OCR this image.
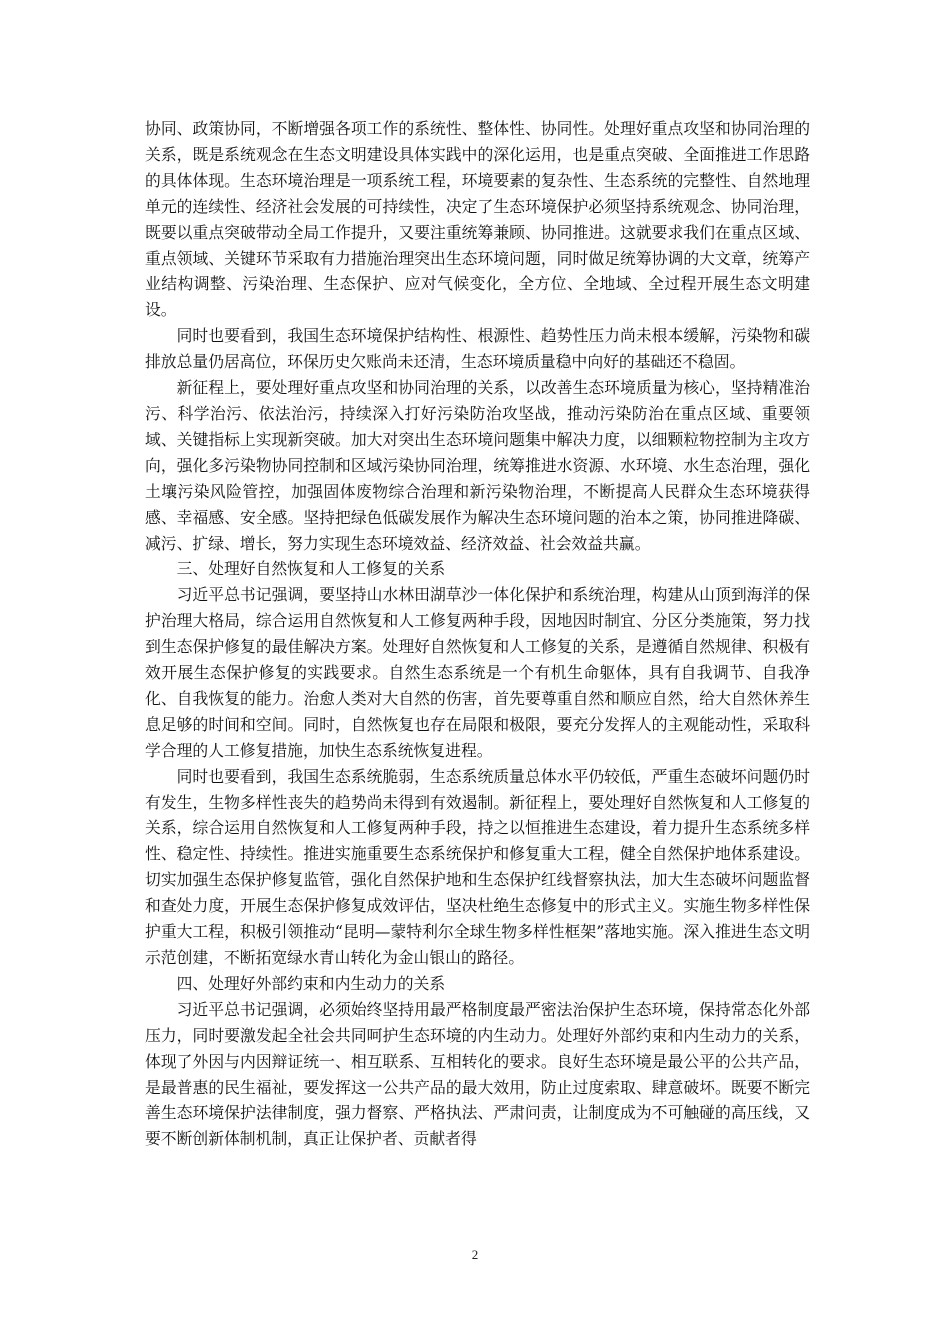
协同、政策协同，不断增强各项工作的系统性、整体性、协同性。处理好重点攻坚和协同治理的关系，既是系统观念在生态文明建设具体实践中的深化运用，也是重点突破、全面推进工作思路的具体体现。生态环境治理是一项系统工程，环境要素的复杂性、生态系统的完整性、自然地理单元的连续性、经济社会发展的可持续性，决定了生态环境保护必须坚持系统观念、协同治理，既要以重点突破带动全局工作提升，又要注重统筹兼顾、协同推进。这就要求我们在重点区域、重点领域、关键环节采取有力措施治理突出生态环境问题，同时做足统筹协调的大文章，统筹产业结构调整、污染治理、生态保护、应对气候变化，全方位、全地域、全过程开展生态文明建设。

同时也要看到，我国生态环境保护结构性、根源性、趋势性压力尚未根本缓解，污染物和碳排放总量仍居高位，环保历史欠账尚未还清，生态环境质量稳中向好的基础还不稳固。

新征程上，要处理好重点攻坚和协同治理的关系，以改善生态环境质量为核心，坚持精准治污、科学治污、依法治污，持续深入打好污染防治攻坚战，推动污染防治在重点区域、重要领域、关键指标上实现新突破。加大对突出生态环境问题集中解决力度，以细颗粒物控制为主攻方向，强化多污染物协同控制和区域污染协同治理，统筹推进水资源、水环境、水生态治理，强化土壤污染风险管控，加强固体废物综合治理和新污染物治理，不断提高人民群众生态环境获得感、幸福感、安全感。坚持把绿色低碳发展作为解决生态环境问题的治本之策，协同推进降碳、减污、扩绿、增长，努力实现生态环境效益、经济效益、社会效益共赢。

三、处理好自然恢复和人工修复的关系

习近平总书记强调，要坚持山水林田湖草沙一体化保护和系统治理，构建从山顶到海洋的保护治理大格局，综合运用自然恢复和人工修复两种手段，因地因时制宜、分区分类施策，努力找到生态保护修复的最佳解决方案。处理好自然恢复和人工修复的关系，是遵循自然规律、积极有效开展生态保护修复的实践要求。自然生态系统是一个有机生命躯体，具有自我调节、自我净化、自我恢复的能力。治愈人类对大自然的伤害，首先要尊重自然和顺应自然，给大自然休养生息足够的时间和空间。同时，自然恢复也存在局限和极限，要充分发挥人的主观能动性，采取科学合理的人工修复措施，加快生态系统恢复进程。

同时也要看到，我国生态系统脆弱，生态系统质量总体水平仍较低，严重生态破坏问题仍时有发生，生物多样性丧失的趋势尚未得到有效遏制。新征程上，要处理好自然恢复和人工修复的关系，综合运用自然恢复和人工修复两种手段，持之以恒推进生态建设，着力提升生态系统多样性、稳定性、持续性。推进实施重要生态系统保护和修复重大工程，健全自然保护地体系建设。切实加强生态保护修复监管，强化自然保护地和生态保护红线督察执法，加大生态破坏问题监督和查处力度，开展生态保护修复成效评估，坚决杜绝生态修复中的形式主义。实施生物多样性保护重大工程，积极引领推动“昆明—蒙特利尔全球生物多样性框架”落地实施。深入推进生态文明示范创建，不断拓宽绿水青山转化为金山银山的路径。

四、处理好外部约束和内生动力的关系

习近平总书记强调，必须始终坚持用最严格制度最严密法治保护生态环境，保持常态化外部压力，同时要激发起全社会共同呵护生态环境的内生动力。处理好外部约束和内生动力的关系，体现了外因与内因辩证统一、相互联系、互相转化的要求。良好生态环境是最公平的公共产品，是最普惠的民生福祉，要发挥这一公共产品的最大效用，防止过度索取、肆意破坏。既要不断完善生态环境保护法律制度，强力督察、严格执法、严肃问责，让制度成为不可触碰的高压线，又要不断创新体制机制，真正让保护者、贡献者得

2
